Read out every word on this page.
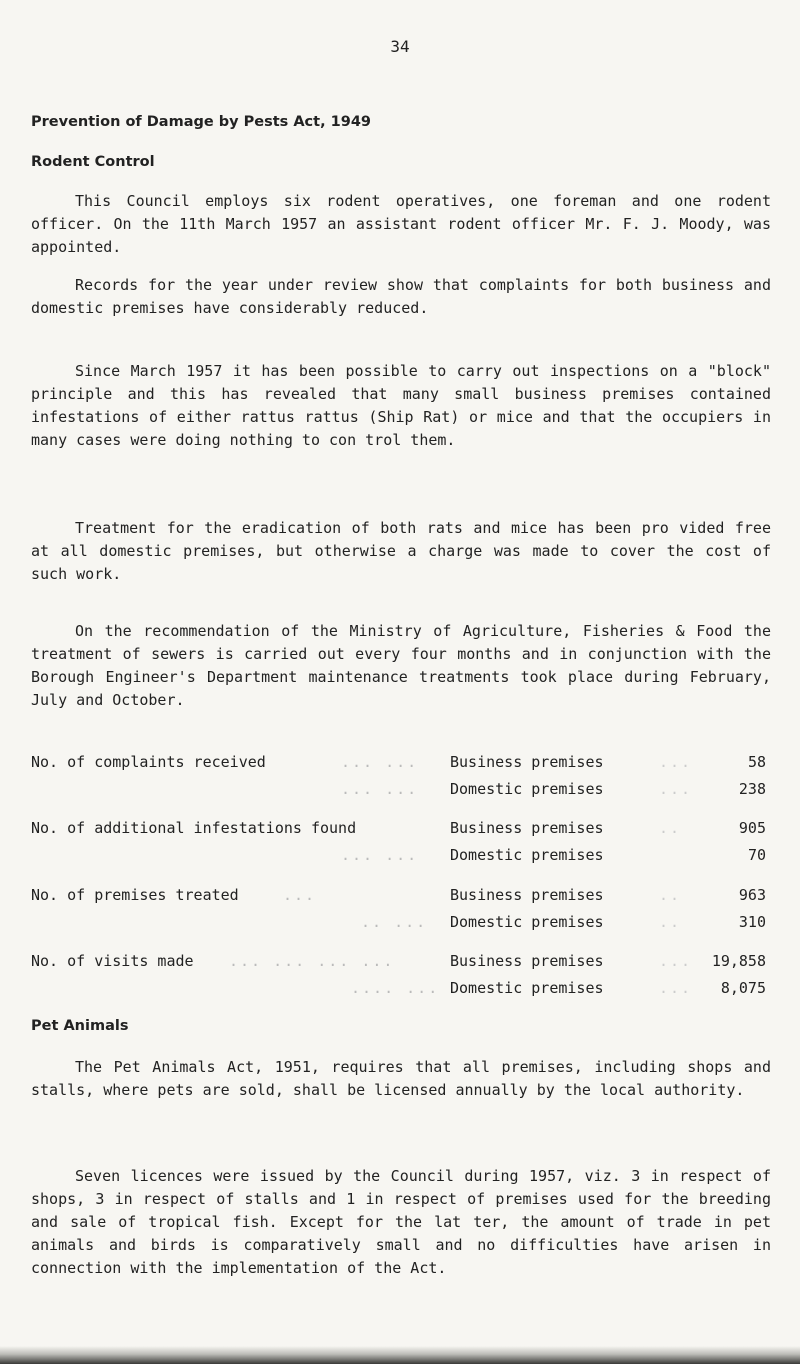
34
Prevention of Damage by Pests Act, 1949
Rodent Control

This Council employs six rodent operatives, one foreman and one rodent officer. On the 11th March 1957 an assistant rodent officer Mr. F. J. Moody, was appointed.

Records for the year under review show that complaints for both business and domestic premises have considerably reduced.

Since March 1957 it has been possible to carry out inspections on a "block" principle and this has revealed that many small business premises contained infestations of either rattus rattus (Ship Rat) or mice and that the occupiers in many cases were doing nothing to con trol them.

Treatment for the eradication of both rats and mice has been pro vided free at all domestic premises, but otherwise a charge was made to cover the cost of such work.

On the recommendation of the Ministry of Agriculture, Fisheries & Food the treatment of sewers is carried out every four months and in conjunction with the Borough Engineer's Department maintenance treatments took place during February, July and October.

No. of complaints received	... ... Business premises	...	58
... ... Domestic premises	...	238
No. of additional infestations found	Business premises	..	905
... ... Domestic premises	70
No. of premises treated	...	Business premises	..	963
.. ... Domestic premises	..	310
No. of visits made ... ... ... ...	Business premises	... 19,858
.... ... Domestic premises	... 8,075
Pet Animals

The Pet Animals Act, 1951, requires that all premises, including shops and stalls, where pets are sold, shall be licensed annually by the local authority.

Seven licences were issued by the Council during 1957, viz. 3 in respect of shops, 3 in respect of stalls and 1 in respect of premises used for the breeding and sale of tropical fish. Except for the lat ter, the amount of trade in pet animals and birds is comparatively small and no difficulties have arisen in connection with the implementation of the Act.
